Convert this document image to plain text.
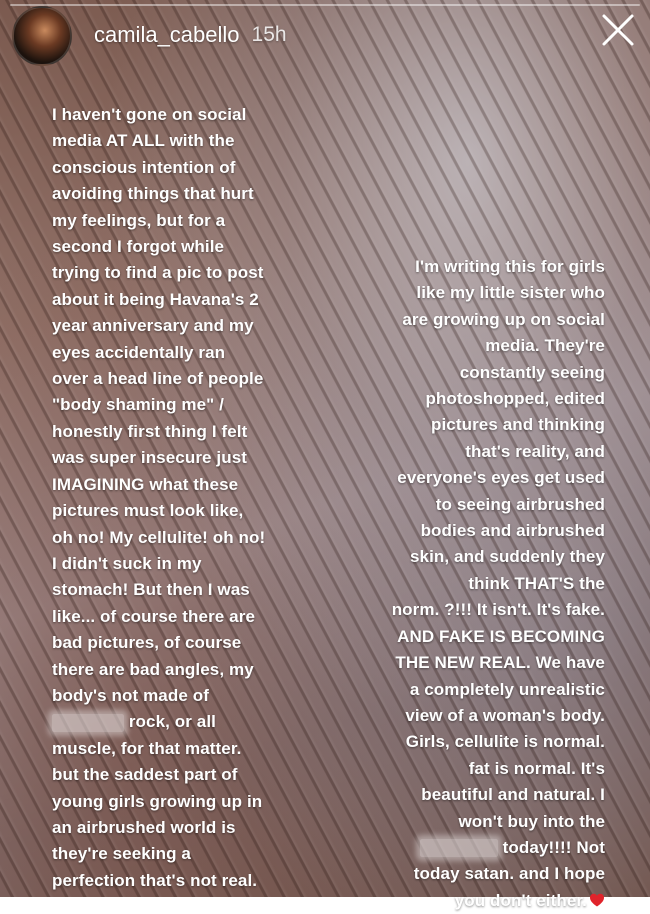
camila_cabello 15h
I haven't gone on social
media AT ALL with the
conscious intention of
avoiding things that hurt
my feelings, but for a
second I forgot while
trying to find a pic to post
about it being Havana's 2
year anniversary and my
eyes accidentally ran
over a head line of people
"body shaming me" /
honestly first thing I felt
was super insecure just
IMAGINING what these
pictures must look like,
oh no! My cellulite! oh no!
I didn't suck in my
stomach! But then I was
like... of course there are
bad pictures, of course
there are bad angles, my
body's not made of
rock, or all
muscle, for that matter.
but the saddest part of
young girls growing up in
an airbrushed world is
they're seeking a
perfection that's not real.
I'm writing this for girls
like my little sister who
are growing up on social
media. They're
constantly seeing
photoshopped, edited
pictures and thinking
that's reality, and
everyone's eyes get used
to seeing airbrushed
bodies and airbrushed
skin, and suddenly they
think THAT'S the
norm. ?!!! It isn't. It's fake.
AND FAKE IS BECOMING
THE NEW REAL. We have
a completely unrealistic
view of a woman's body.
Girls, cellulite is normal.
fat is normal. It's
beautiful and natural. I
won't buy into the
today!!!! Not
today satan. and I hope
you don't either.
